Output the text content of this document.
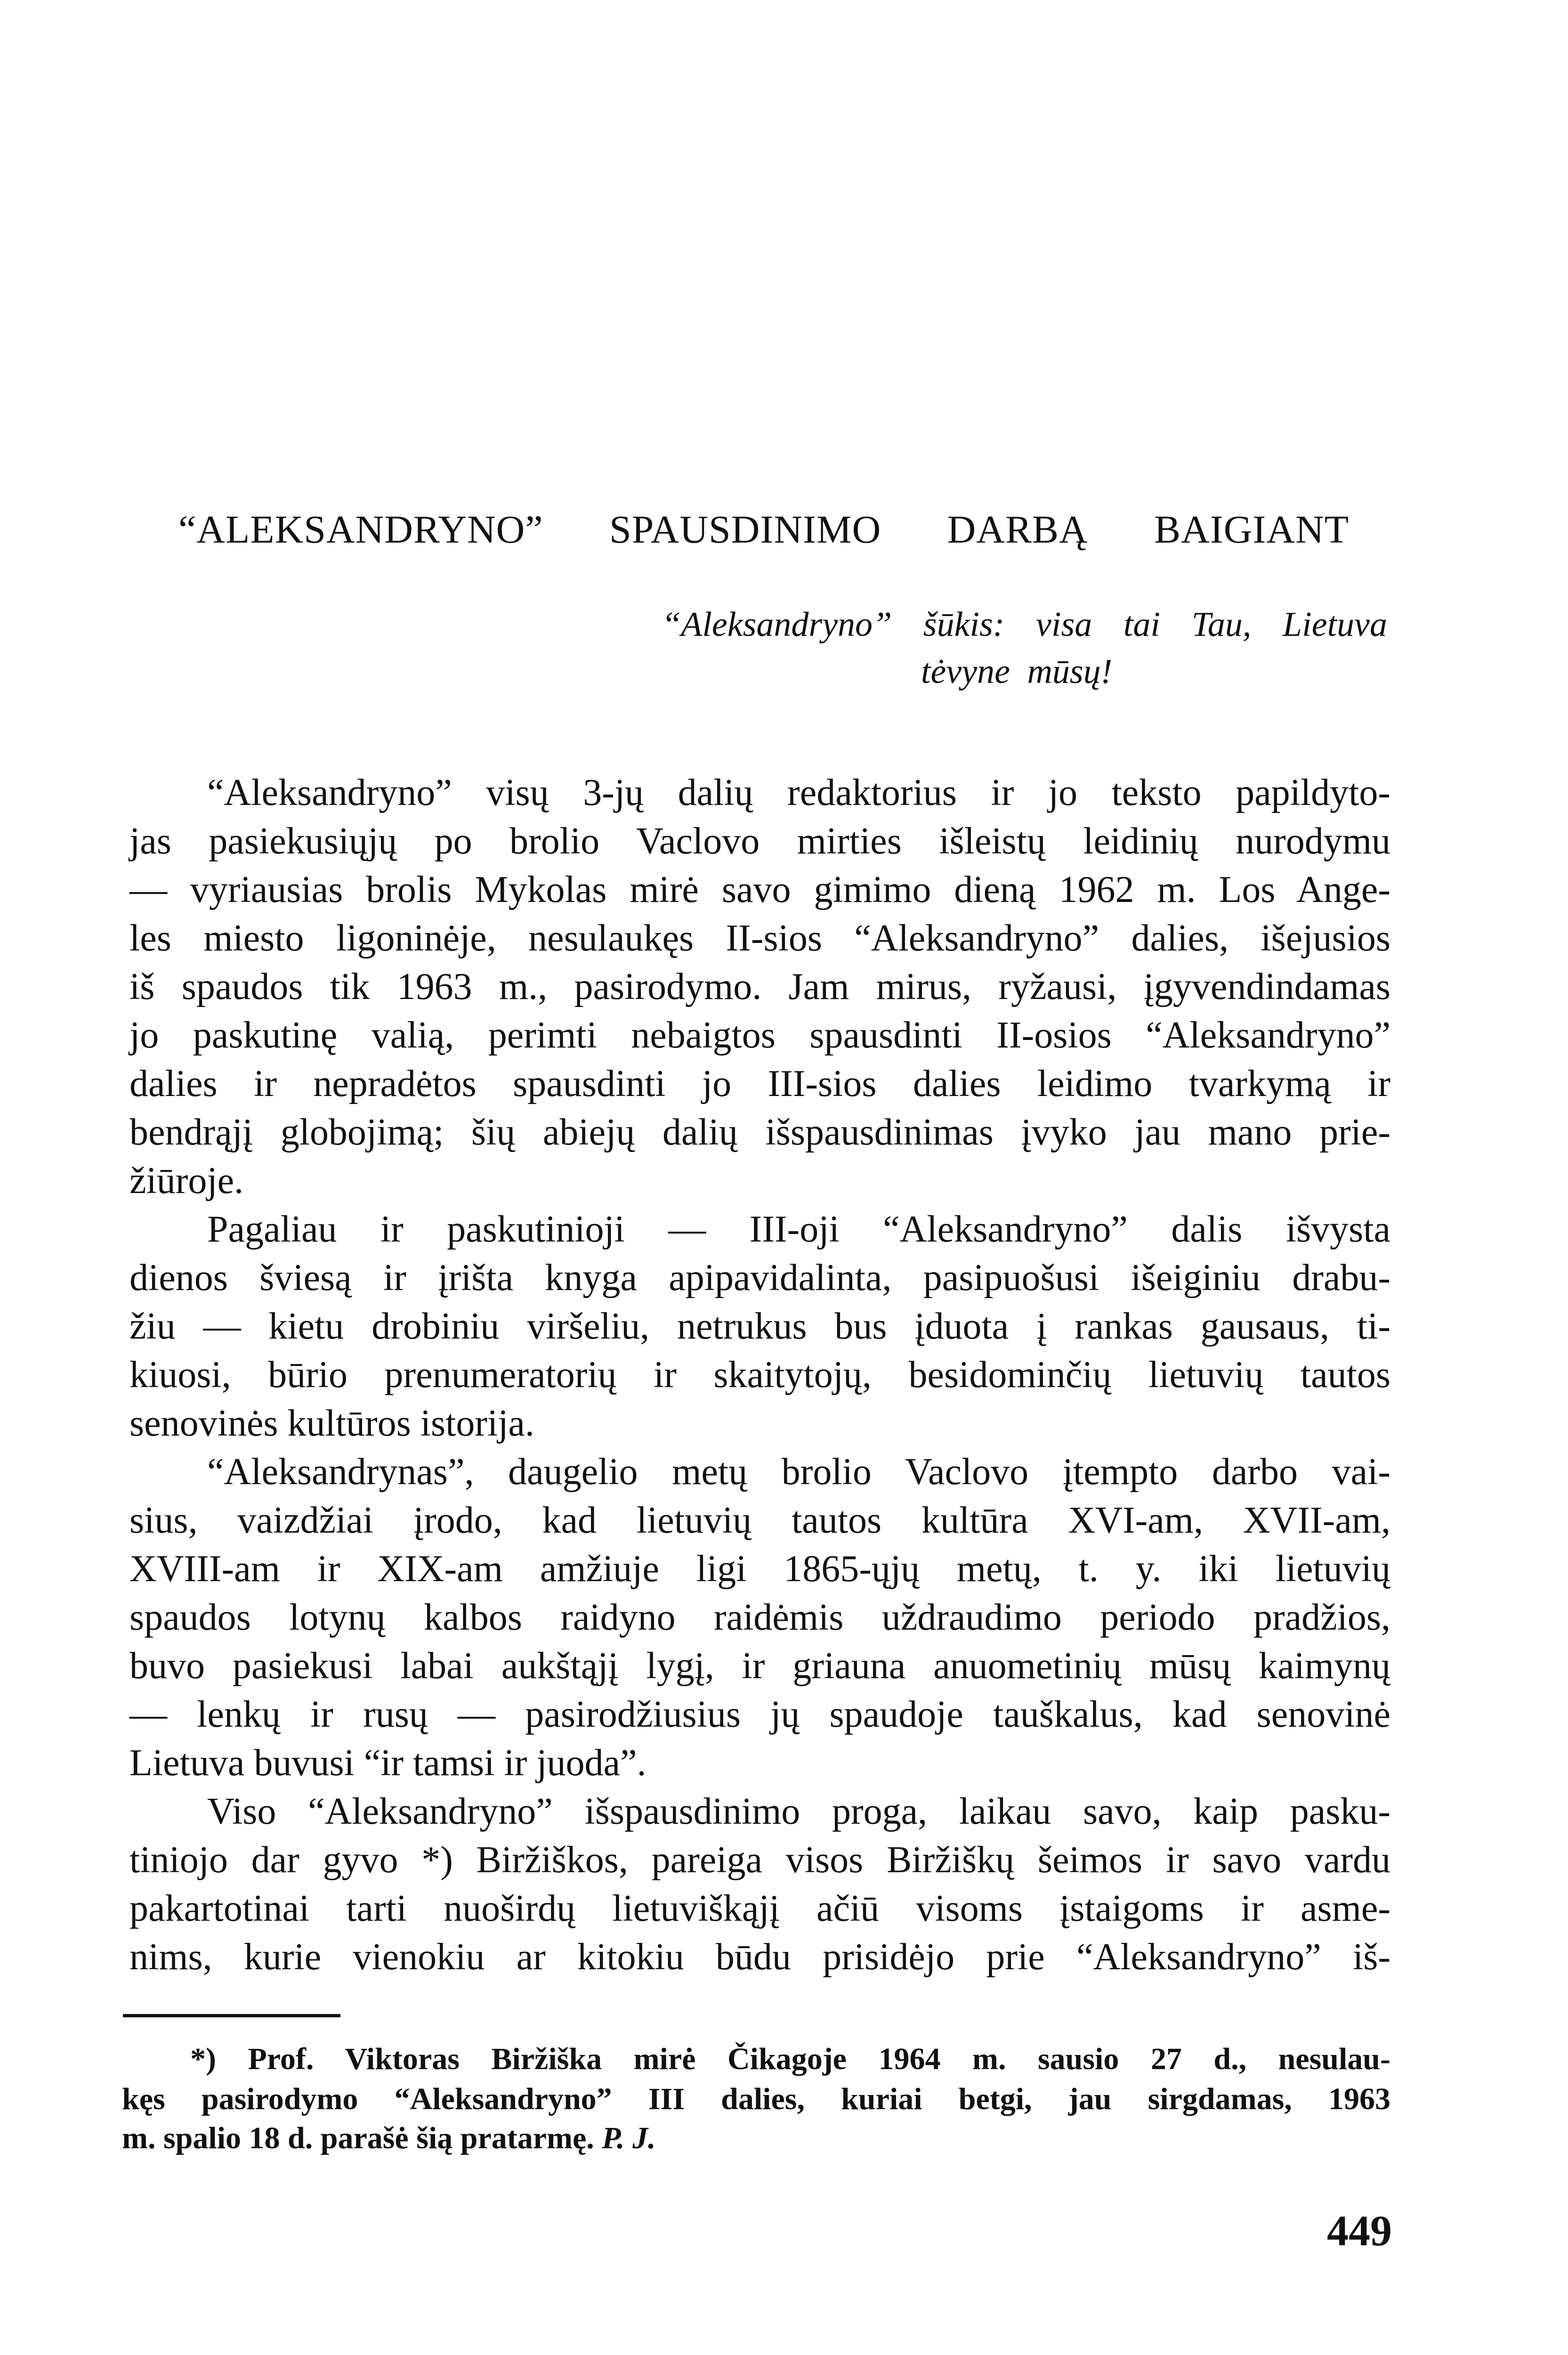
“ALEKSANDRYNO” SPAUSDINIMO DARBĄ BAIGIANT
“Aleksandryno” šūkis: visa tai Tau, Lietuva
tėvyne mūsų!
“Aleksandryno” visų 3-jų dalių redaktorius ir jo teksto papildyto-
jas pasiekusiųjų po brolio Vaclovo mirties išleistų leidinių nurodymu
— vyriausias brolis Mykolas mirė savo gimimo dieną 1962 m. Los Ange-
les miesto ligoninėje, nesulaukęs II-sios “Aleksandryno” dalies, išejusios
iš spaudos tik 1963 m., pasirodymo. Jam mirus, ryžausi, įgyvendindamas
jo paskutinę valią, perimti nebaigtos spausdinti II-osios “Aleksandryno”
dalies ir nepradėtos spausdinti jo III-sios dalies leidimo tvarkymą ir
bendrąjį globojimą; šių abiejų dalių išspausdinimas įvyko jau mano prie-
žiūroje.
Pagaliau ir paskutinioji — III-oji “Aleksandryno” dalis išvysta
dienos šviesą ir įrišta knyga apipavidalinta, pasipuošusi išeiginiu drabu-
žiu — kietu drobiniu viršeliu, netrukus bus įduota į rankas gausaus, ti-
kiuosi, būrio prenumeratorių ir skaitytojų, besidominčių lietuvių tautos
senovinės kultūros istorija.
“Aleksandrynas”, daugelio metų brolio Vaclovo įtempto darbo vai-
sius, vaizdžiai įrodo, kad lietuvių tautos kultūra XVI-am, XVII-am,
XVIII-am ir XIX-am amžiuje ligi 1865-ųjų metų, t. y. iki lietuvių
spaudos lotynų kalbos raidyno raidėmis uždraudimo periodo pradžios,
buvo pasiekusi labai aukštąjį lygį, ir griauna anuometinių mūsų kaimynų
— lenkų ir rusų — pasirodžiusius jų spaudoje tauškalus, kad senovinė
Lietuva buvusi “ir tamsi ir juoda”.
Viso “Aleksandryno” išspausdinimo proga, laikau savo, kaip pasku-
tiniojo dar gyvo *) Biržiškos, pareiga visos Biržiškų šeimos ir savo vardu
pakartotinai tarti nuoširdų lietuviškąjį ačiū visoms įstaigoms ir asme-
nims, kurie vienokiu ar kitokiu būdu prisidėjo prie “Aleksandryno” iš-
*) Prof. Viktoras Biržiška mirė Čikagoje 1964 m. sausio 27 d., nesulau-
kęs pasirodymo “Aleksandryno” III dalies, kuriai betgi, jau sirgdamas, 1963
m. spalio 18 d. parašė šią pratarmę. P. J.
449
